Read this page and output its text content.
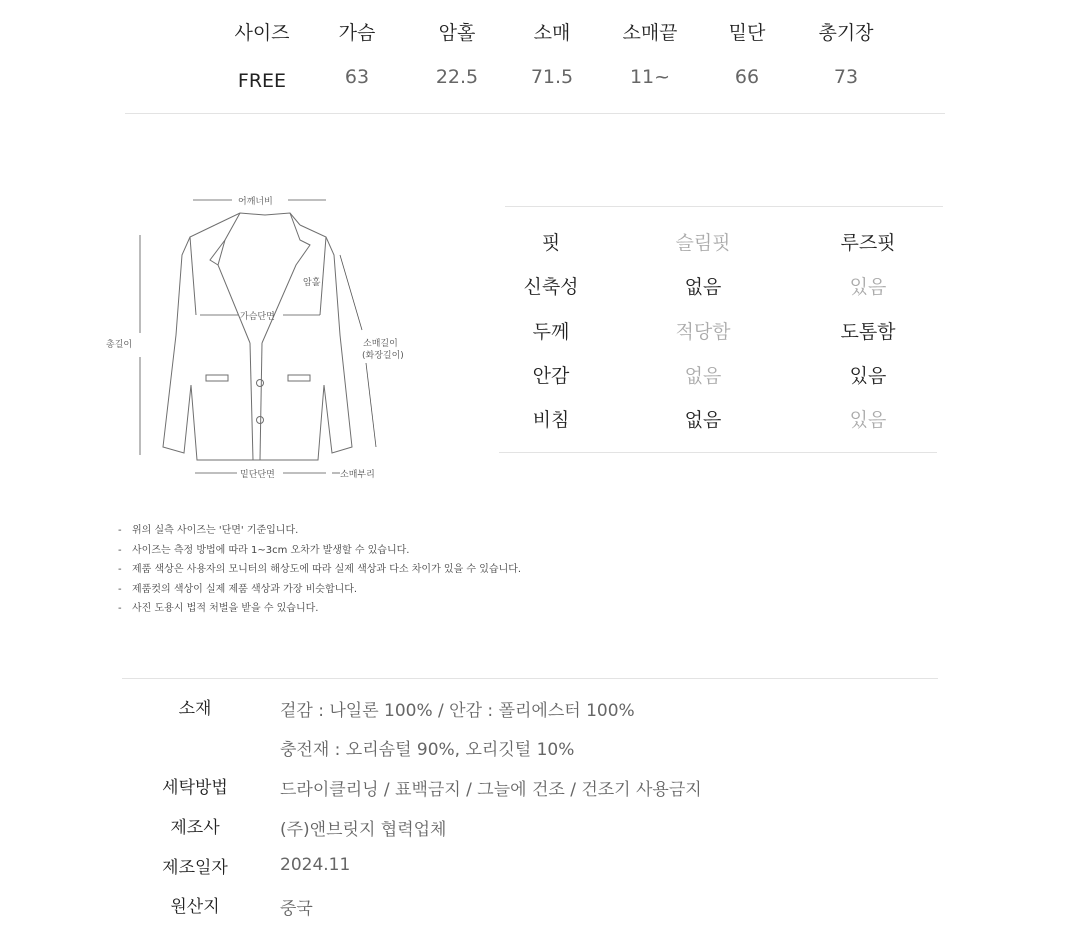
사이즈	가슴	암홀	소매	소매끝	밑단	총기장
FREE	63	22.5	71.5	11~	66	73
어깨너비
암홀
가슴단면
총길이	소매길이
(화장길이)
밑단단면	소매부리
핏	슬림핏	루즈핏
신축성	없음	있음
두께	적당함	도톰함
안감	없음	있음
비침	없음	있음
- 위의 실측 사이즈는 '단면' 기준입니다.
- 사이즈는 측정 방법에 따라 1~3cm 오차가 발생할 수 있습니다.
- 제품 색상은 사용자의 모니터의 해상도에 따라 실제 색상과 다소 차이가 있을 수 있습니다.
- 제품컷의 색상이 실제 제품 색상과 가장 비슷합니다.
- 사진 도용시 법적 처벌을 받을 수 있습니다.
소재	겉감 : 나일론 100% / 안감 : 폴리에스터 100%
충전재 : 오리솜털 90%, 오리깃털 10%
세탁방법	드라이클리닝 / 표백금지 / 그늘에 건조 / 건조기 사용금지
제조사	(주)앤브릿지 협력업체
제조일자	2024.11
원산지	중국
